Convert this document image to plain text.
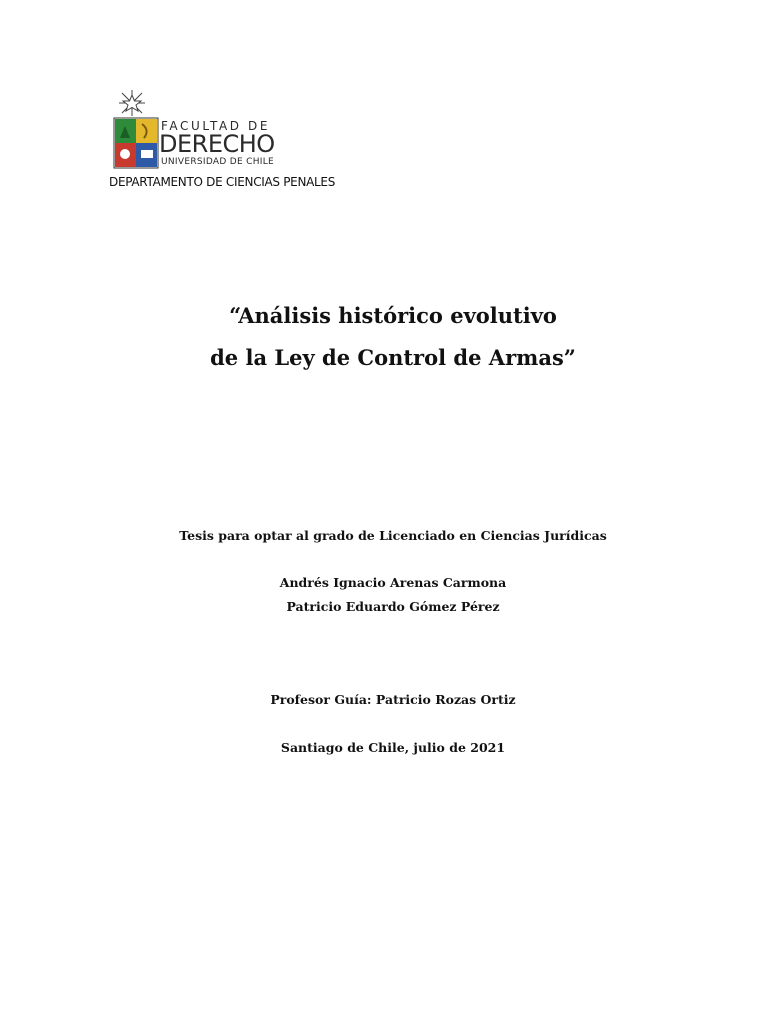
FACULTAD DE
DERECHO
UNIVERSIDAD DE CHILE
DEPARTAMENTO DE CIENCIAS PENALES
“Análisis histórico evolutivo
de la Ley de Control de Armas”
Tesis para optar al grado de Licenciado en Ciencias Jurídicas
Andrés Ignacio Arenas Carmona
Patricio Eduardo Gómez Pérez
Profesor Guía: Patricio Rozas Ortiz
Santiago de Chile, julio de 2021
